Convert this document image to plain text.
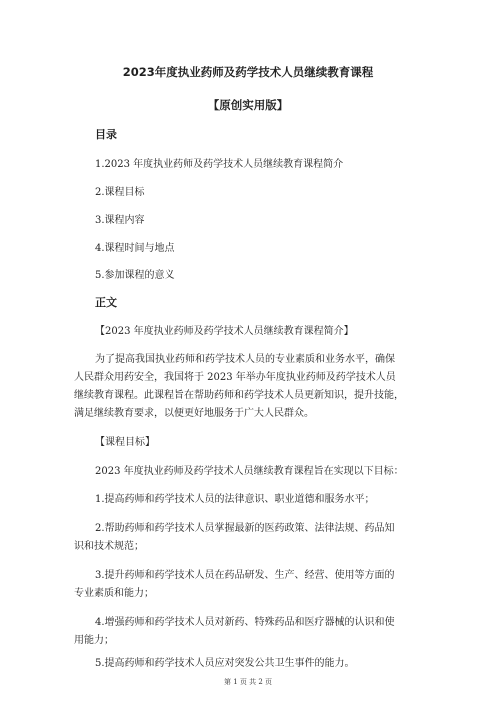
2023年度执业药师及药学技术人员继续教育课程
【原创实用版】
目录
1.2023 年度执业药师及药学技术人员继续教育课程简介
2.课程目标
3.课程内容
4.课程时间与地点
5.参加课程的意义
正文
【2023 年度执业药师及药学技术人员继续教育课程简介】
为了提高我国执业药师和药学技术人员的专业素质和业务水平，确保
人民群众用药安全，我国将于 2023 年举办年度执业药师及药学技术人员
继续教育课程。此课程旨在帮助药师和药学技术人员更新知识，提升技能，
满足继续教育要求，以便更好地服务于广大人民群众。
【课程目标】
2023 年度执业药师及药学技术人员继续教育课程旨在实现以下目标：
1.提高药师和药学技术人员的法律意识、职业道德和服务水平；
2.帮助药师和药学技术人员掌握最新的医药政策、法律法规、药品知
识和技术规范；
3.提升药师和药学技术人员在药品研发、生产、经营、使用等方面的
专业素质和能力；
4.增强药师和药学技术人员对新药、特殊药品和医疗器械的认识和使
用能力；
5.提高药师和药学技术人员应对突发公共卫生事件的能力。
第 1 页 共 2 页
